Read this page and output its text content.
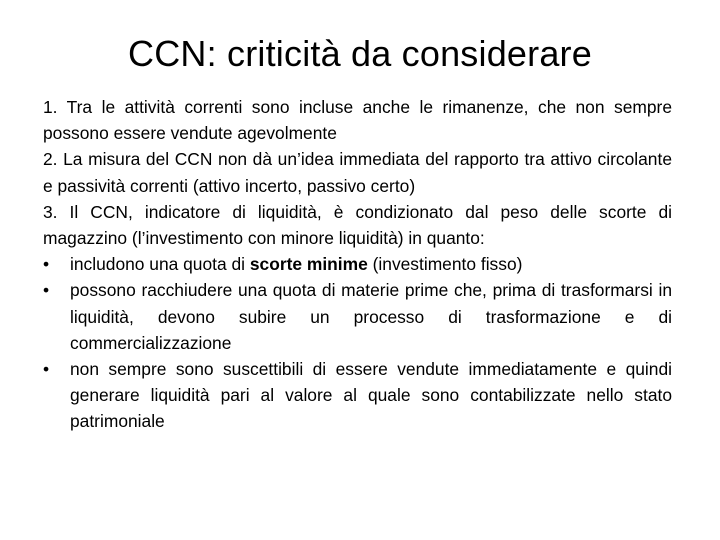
CCN: criticità da considerare

1. Tra le attività correnti sono incluse anche le rimanenze, che non sempre possono essere vendute agevolmente

2. La misura del CCN non dà un’idea immediata del rapporto tra attivo circolante e passività correnti (attivo incerto, passivo certo)

3. Il CCN, indicatore di liquidità, è condizionato dal peso delle scorte di magazzino (l’investimento con minore liquidità) in quanto:

•	includono una quota di scorte minime (investimento fisso)
•	possono racchiudere una quota di materie prime che, prima di trasformarsi in liquidità, devono subire un processo di trasformazione e di commercializzazione
•	non sempre sono suscettibili di essere vendute immediatamente e quindi generare liquidità pari al valore al quale sono contabilizzate nello stato patrimoniale
